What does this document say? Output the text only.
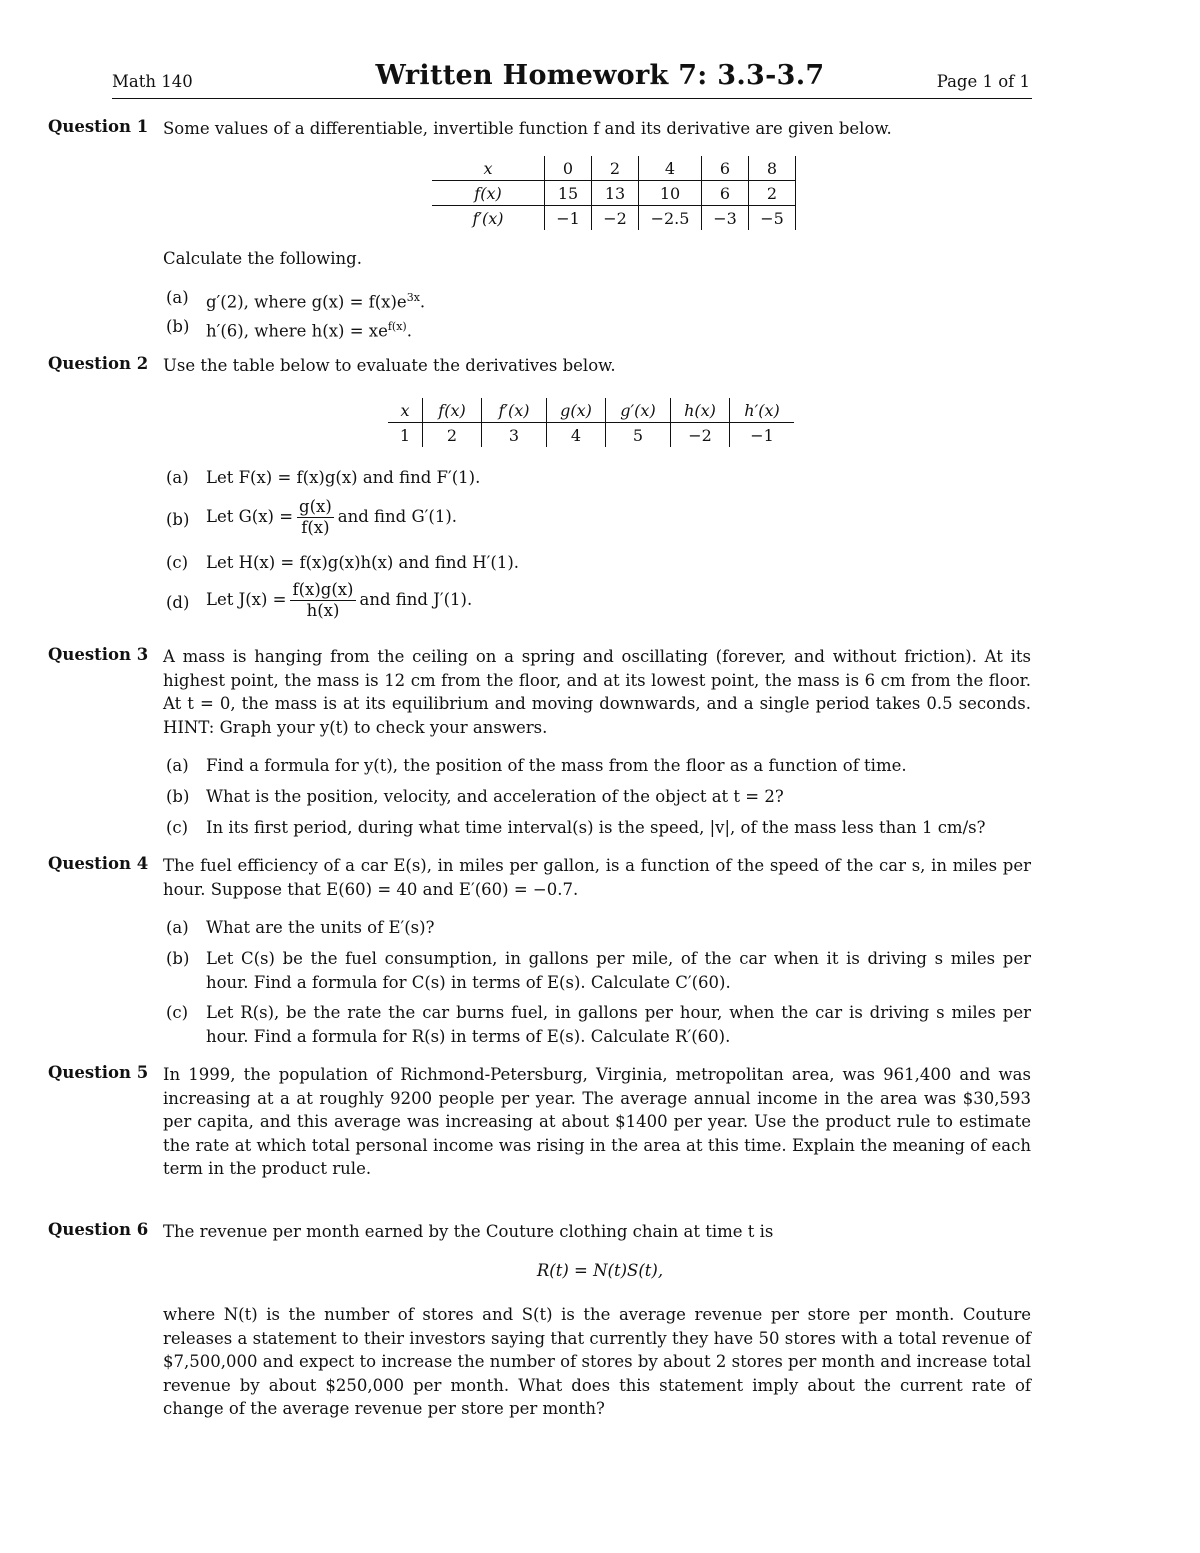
Math 140	Written Homework 7: 3.3-3.7	Page 1 of 1
Question 1 Some values of a differentiable, invertible function f and its derivative are given below.
x	0	2	4	6	8
f(x)	15	13	10	6	2
f′(x)	−1	−2	−2.5	−3	−5
Calculate the following.
(a) g′(2), where $g(x) = f(x)e^{3x}$.
(b) h′(6), where $h(x) = xe^{f(x)}$.
Question 2 Use the table below to evaluate the derivatives below.
x	f(x)	f′(x)	g(x)	g′(x)	h(x)	h′(x)
1	2	3	4	5	−2	−1
(a) Let F(x) = f(x)g(x) and find F′(1).
(b) Let $G(x) = \frac{g(x)}{f(x)}$ and find G′(1).
(c) Let H(x) = f(x)g(x)h(x) and find H′(1).
(d) Let $J(x) = \frac{f(x)g(x)}{h(x)}$ and find J′(1).
Question 3 A mass is hanging from the ceiling on a spring and oscillating (forever, and without friction). At its highest point, the mass is 12 cm from the floor, and at its lowest point, the mass is 6 cm from the floor. At t = 0, the mass is at its equilibrium and moving downwards, and a single period takes 0.5 seconds. HINT: Graph your y(t) to check your answers.
(a) Find a formula for y(t), the position of the mass from the floor as a function of time.
(b) What is the position, velocity, and acceleration of the object at t = 2?
(c) In its first period, during what time interval(s) is the speed, |v|, of the mass less than 1 cm/s?
Question 4 The fuel efficiency of a car E(s), in miles per gallon, is a function of the speed of the car s, in miles per hour. Suppose that E(60) = 40 and E′(60) = −0.7.
(a) What are the units of E′(s)?
(b) Let C(s) be the fuel consumption, in gallons per mile, of the car when it is driving s miles per hour. Find a formula for C(s) in terms of E(s). Calculate C′(60).
(c) Let R(s), be the rate the car burns fuel, in gallons per hour, when the car is driving s miles per hour. Find a formula for R(s) in terms of E(s). Calculate R′(60).
Question 5 In 1999, the population of Richmond-Petersburg, Virginia, metropolitan area, was 961,400 and was increasing at a at roughly 9200 people per year. The average annual income in the area was $30,593 per capita, and this average was increasing at about $1400 per year. Use the product rule to estimate the rate at which total personal income was rising in the area at this time. Explain the meaning of each term in the product rule.
Question 6 The revenue per month earned by the Couture clothing chain at time t is
R(t) = N(t)S(t),
where N(t) is the number of stores and S(t) is the average revenue per store per month. Couture releases a statement to their investors saying that currently they have 50 stores with a total revenue of $7,500,000 and expect to increase the number of stores by about 2 stores per month and increase total revenue by about $250,000 per month. What does this statement imply about the current rate of change of the average revenue per store per month?
